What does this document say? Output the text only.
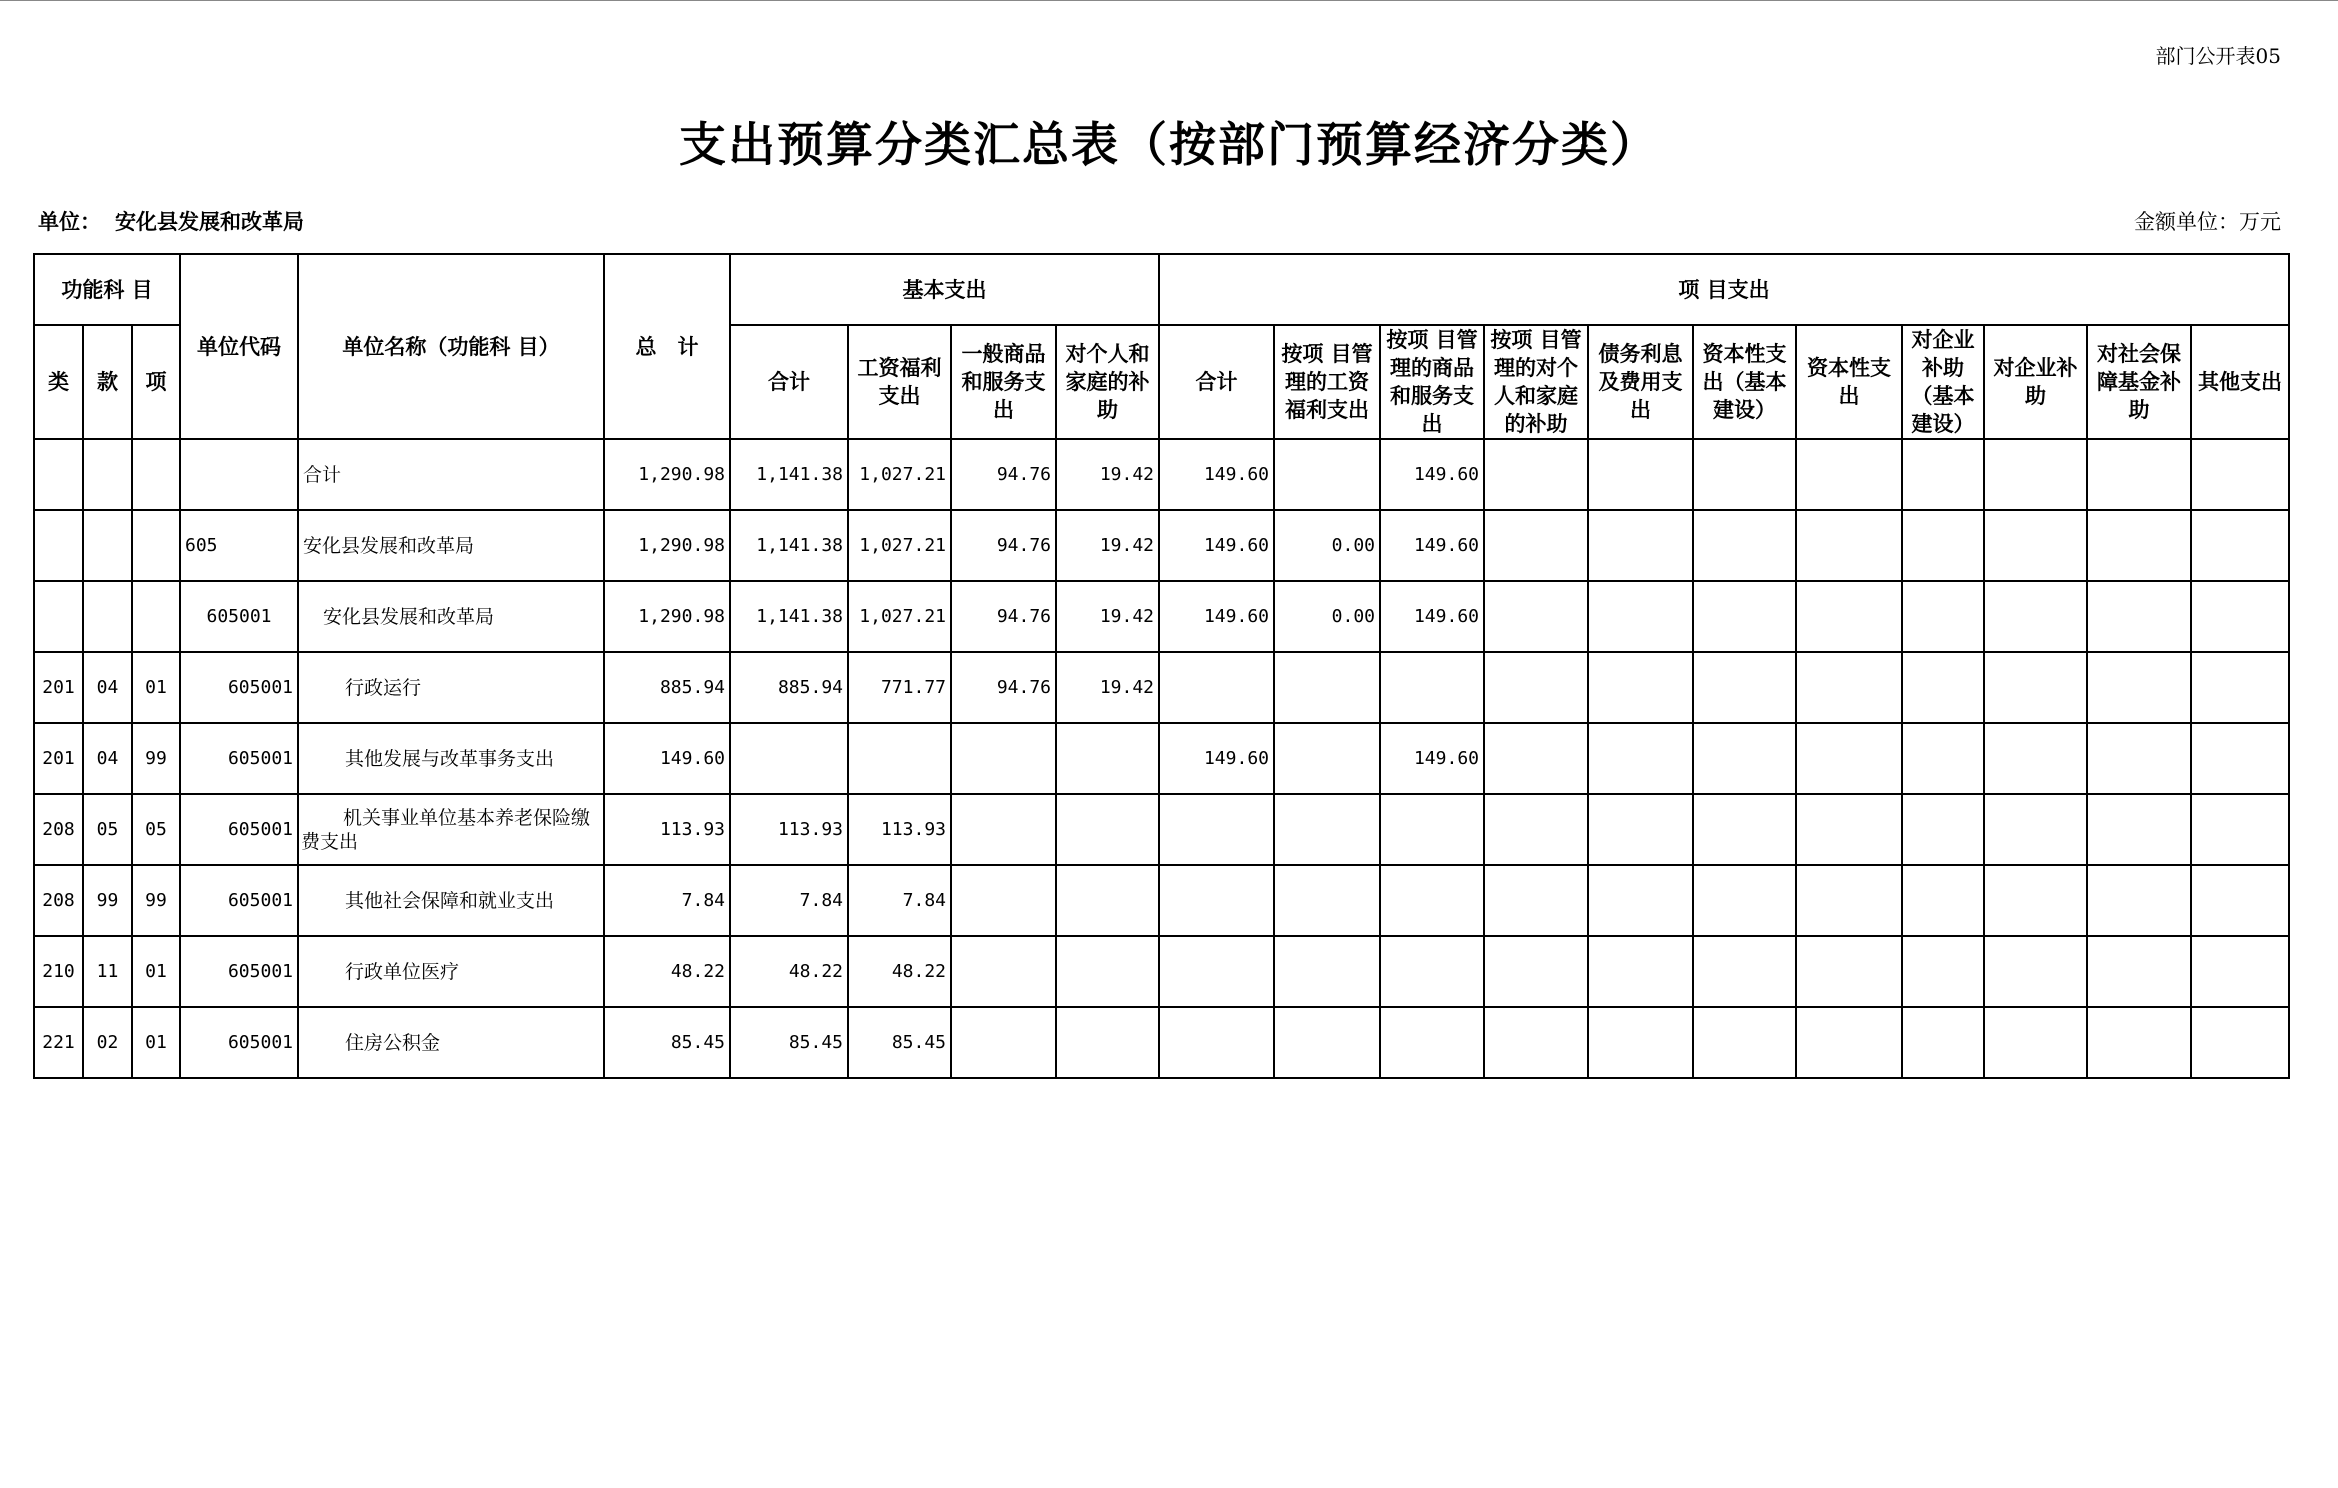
部门公开表05
支出预算分类汇总表（按部门预算经济分类）
单位： 安化县发展和改革局	金额单位：万元
功能科 目			单位代码	单位名称（功能科 目）	总　计	基本支出				项 目支出										
类	款	项				合计	工资福利支出	一般商品和服务支出	对个人和家庭的补助	合计	按项 目管理的工资福利支出	按项 目管理的商品和服务支出	按项 目管理的对个人和家庭的补助	债务利息及费用支出	资本性支出（基本建设）	资本性支出	对企业补助（基本建设）	对企业补助	对社会保障基金补助	其他支出
				合计	1,290.98	1,141.38	1,027.21	94.76	19.42	149.60		149.60								
			605	安化县发展和改革局	1,290.98	1,141.38	1,027.21	94.76	19.42	149.60	0.00	149.60								
			605001	安化县发展和改革局	1,290.98	1,141.38	1,027.21	94.76	19.42	149.60	0.00	149.60								
201	04	01	605001	行政运行	885.94	885.94	771.77	94.76	19.42											
201	04	99	605001	其他发展与改革事务支出	149.60					149.60		149.60								
208	05	05	605001	机关事业单位基本养老保险缴费支出	113.93	113.93	113.93													
208	99	99	605001	其他社会保障和就业支出	7.84	7.84	7.84													
210	11	01	605001	行政单位医疗	48.22	48.22	48.22													
221	02	01	605001	住房公积金	85.45	85.45	85.45													
